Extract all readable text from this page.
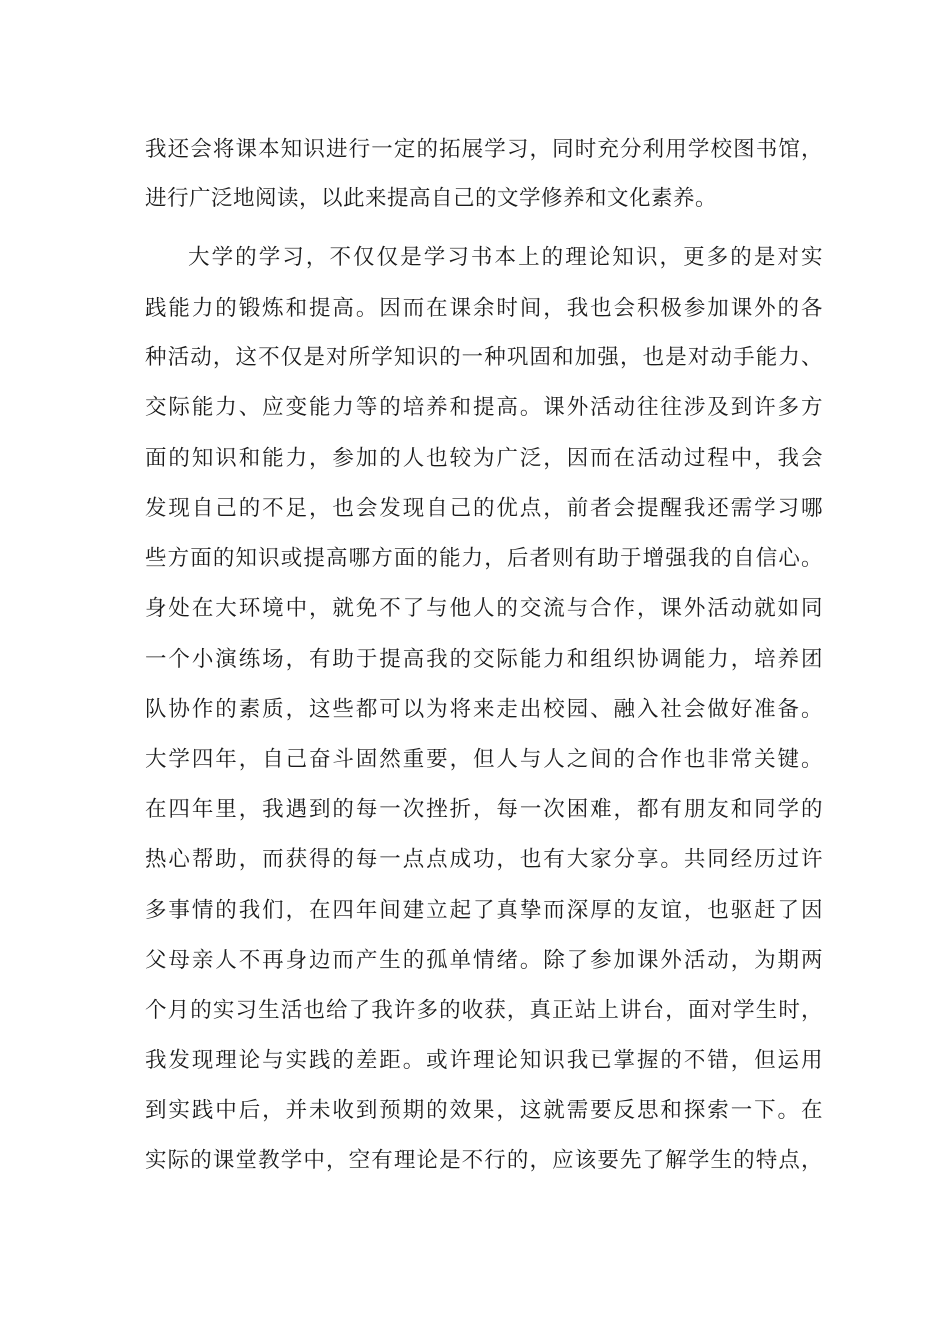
我还会将课本知识进行一定的拓展学习，同时充分利用学校图书馆，
进行广泛地阅读，以此来提高自己的文学修养和文化素养。
大学的学习，不仅仅是学习书本上的理论知识，更多的是对实
践能力的锻炼和提高。因而在课余时间，我也会积极参加课外的各
种活动，这不仅是对所学知识的一种巩固和加强，也是对动手能力、
交际能力、应变能力等的培养和提高。课外活动往往涉及到许多方
面的知识和能力，参加的人也较为广泛，因而在活动过程中，我会
发现自己的不足，也会发现自己的优点，前者会提醒我还需学习哪
些方面的知识或提高哪方面的能力，后者则有助于增强我的自信心。
身处在大环境中，就免不了与他人的交流与合作，课外活动就如同
一个小演练场，有助于提高我的交际能力和组织协调能力，培养团
队协作的素质，这些都可以为将来走出校园、融入社会做好准备。
大学四年，自己奋斗固然重要，但人与人之间的合作也非常关键。
在四年里，我遇到的每一次挫折，每一次困难，都有朋友和同学的
热心帮助，而获得的每一点点成功，也有大家分享。共同经历过许
多事情的我们，在四年间建立起了真挚而深厚的友谊，也驱赶了因
父母亲人不再身边而产生的孤单情绪。除了参加课外活动，为期两
个月的实习生活也给了我许多的收获，真正站上讲台，面对学生时，
我发现理论与实践的差距。或许理论知识我已掌握的不错，但运用
到实践中后，并未收到预期的效果，这就需要反思和探索一下。在
实际的课堂教学中，空有理论是不行的，应该要先了解学生的特点，
